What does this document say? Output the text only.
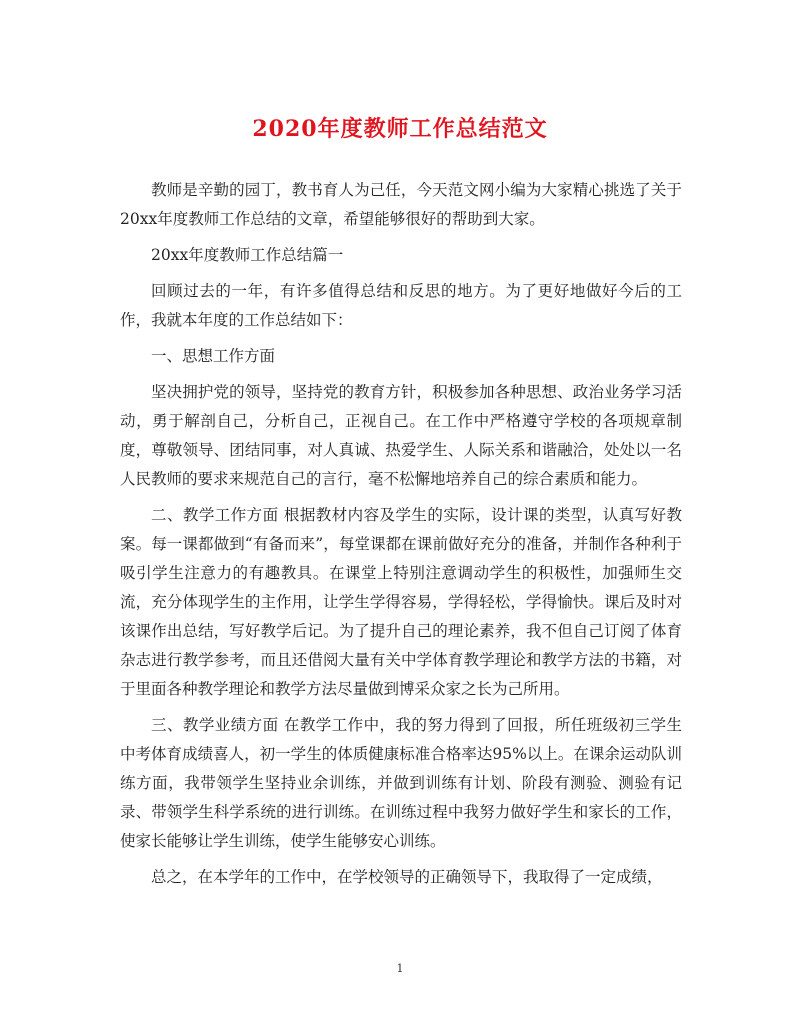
2020年度教师工作总结范文

教师是辛勤的园丁，教书育人为己任，今天范文网小编为大家精心挑选了关于20xx年度教师工作总结的文章，希望能够很好的帮助到大家。

20xx年度教师工作总结篇一

回顾过去的一年，有许多值得总结和反思的地方。为了更好地做好今后的工作，我就本年度的工作总结如下：

一、思想工作方面

坚决拥护党的领导，坚持党的教育方针，积极参加各种思想、政治业务学习活动，勇于解剖自己，分析自己，正视自己。在工作中严格遵守学校的各项规章制度，尊敬领导、团结同事，对人真诚、热爱学生、人际关系和谐融洽，处处以一名人民教师的要求来规范自己的言行，毫不松懈地培养自己的综合素质和能力。

二、教学工作方面 根据教材内容及学生的实际，设计课的类型，认真写好教案。每一课都做到“有备而来”，每堂课都在课前做好充分的准备，并制作各种利于吸引学生注意力的有趣教具。在课堂上特别注意调动学生的积极性，加强师生交流，充分体现学生的主作用，让学生学得容易，学得轻松，学得愉快。课后及时对该课作出总结，写好教学后记。为了提升自己的理论素养，我不但自己订阅了体育杂志进行教学参考，而且还借阅大量有关中学体育教学理论和教学方法的书籍，对于里面各种教学理论和教学方法尽量做到博采众家之长为己所用。

三、教学业绩方面 在教学工作中，我的努力得到了回报，所任班级初三学生中考体育成绩喜人，初一学生的体质健康标准合格率达95%以上。在课余运动队训练方面，我带领学生坚持业余训练，并做到训练有计划、阶段有测验、测验有记录、带领学生科学系统的进行训练。在训练过程中我努力做好学生和家长的工作，使家长能够让学生训练，使学生能够安心训练。

总之，在本学年的工作中，在学校领导的正确领导下，我取得了一定成绩，

1
